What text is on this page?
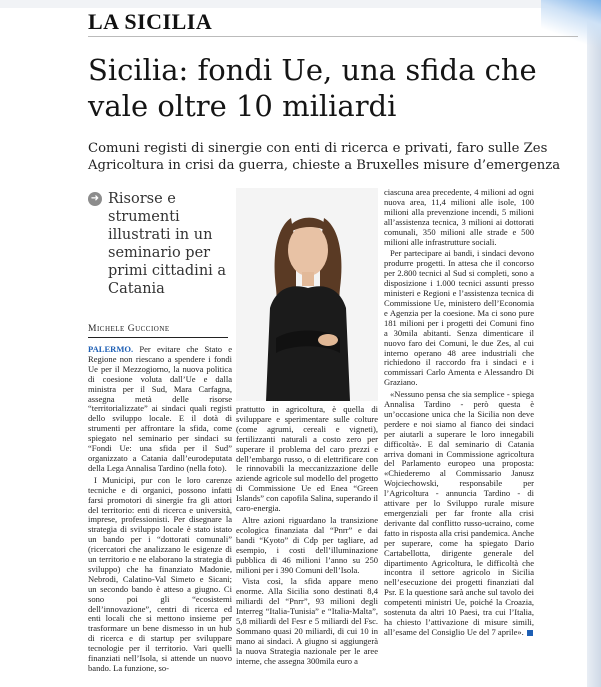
LA SICILIA
Sicilia: fondi Ue, una sfida che vale oltre 10 miliardi

Comuni registi di sinergie con enti di ricerca e privati, faro sulle Zes Agricoltura in crisi da guerra, chieste a Bruxelles misure d’emergenza

➜ Risorse e strumenti illustrati in un seminario per primi cittadini a Catania

Michele Guccione

PALERMO. Per evitare che Stato e Regione non riescano a spendere i fondi Ue per il Mezzogiorno, la nuova politica di coesione voluta dall’Ue e dalla ministra per il Sud, Mara Carfagna, assegna metà delle risorse “territorializzate” ai sindaci quali registi dello sviluppo locale. E il dotà di strumenti per affrontare la sfida, come spiegato nel seminario per sindaci su “Fondi Ue: una sfida per il Sud” organizzato a Catania dall’eurodeputata della Lega Annalisa Tardino (nella foto).

I Municipi, pur con le loro carenze tecniche e di organici, possono infatti farsi promotori di sinergie fra gli attori del territorio: enti di ricerca e università, imprese, professionisti. Per disegnare la strategia di sviluppo locale è stato istato un bando per i “dottorati comunali” (ricercatori che analizzano le esigenze di un territorio e ne elaborano la strategia di sviluppo) che ha finanziato Madonie, Nebrodi, Calatino-Val Simeto e Sicani; un secondo bando è atteso a giugno. Ci sono poi gli “ecosistemi dell’innovazione”, centri di ricerca ed enti locali che si mettono insieme per trasformare un bene dismesso in un hub di ricerca e di startup per sviluppare tecnologie per il territorio. Vari quelli finanziati nell’Isola, si attende un nuovo bando. La funzione, so-

prattutto in agricoltura, è quella di sviluppare e sperimentare sulle colture (come agrumi, cereali e vigneti), fertilizzanti naturali a costo zero per superare il problema del caro prezzi e dell’embargo russo, o di elettrificare con le rinnovabili la meccanizzazione delle aziende agricole sul modello del progetto di Commissione Ue ed Enea “Green Islands” con capofila Salina, superando il caro-energia.

Altre azioni riguardano la transizione ecologica finanziata dal “Pnrr” e dai bandi “Kyoto” di Cdp per tagliare, ad esempio, i costi dell’illuminazione pubblica di 46 milioni l’anno su 250 milioni per i 390 Comuni dell’Isola.

Vista così, la sfida appare meno enorme. Alla Sicilia sono destinati 8,4 miliardi del “Pnrr”, 93 milioni degli Interreg “Italia-Tunisia” e “Italia-Malta”, 5,8 miliardi del Fesr e 5 miliardi del Fsc. Sommano quasi 20 miliardi, di cui 10 in mano ai sindaci. A giugno si aggiungerà la nuova Strategia nazionale per le aree interne, che assegna 300mila euro a

ciascuna area precedente, 4 milioni ad ogni nuova area, 11,4 milioni alle isole, 100 milioni alla prevenzione incendi, 5 milioni all’assistenza tecnica, 3 milioni ai dottorati comunali, 350 milioni alle strade e 500 milioni alle infrastrutture sociali.

Per partecipare ai bandi, i sindaci devono produrre progetti. In attesa che il concorso per 2.800 tecnici al Sud si completi, sono a disposizione i 1.000 tecnici assunti presso ministeri e Regioni e l’assistenza tecnica di Commissione Ue, ministero dell’Economia e Agenzia per la coesione. Ma ci sono pure 181 milioni per i progetti dei Comuni fino a 30mila abitanti. Senza dimenticare il nuovo faro dei Comuni, le due Zes, al cui interno operano 48 aree industriali che richiedono il raccordo fra i sindaci e i commissari Carlo Amenta e Alessandro Di Graziano.

«Nessuno pensa che sia semplice - spiega Annalisa Tardino - però questa è un’occasione unica che la Sicilia non deve perdere e noi siamo al fianco dei sindaci per aiutarli a superare le loro innegabili difficoltà». E dal seminario di Catania arriva domani in Commissione agricoltura del Parlamento europeo una proposta: «Chiederemo al Commissario Janusz Wojciechowski, responsabile per l’Agricoltura - annuncia Tardino - di attivare per lo Sviluppo rurale misure emergenziali per far fronte alla crisi derivante dal conflitto russo-ucraino, come fatto in risposta alla crisi pandemica. Anche per superare, come ha spiegato Dario Cartabellotta, dirigente generale del dipartimento Agricoltura, le difficoltà che incontra il settore agricolo in Sicilia nell’esecuzione dei progetti finanziati dal Psr. E la questione sarà anche sul tavolo dei competenti ministri Ue, poiché la Croazia, sostenuta da altri 10 Paesi, tra cui l’Italia, ha chiesto l’attivazione di misure simili, all’esame del Consiglio Ue del 7 aprile».
